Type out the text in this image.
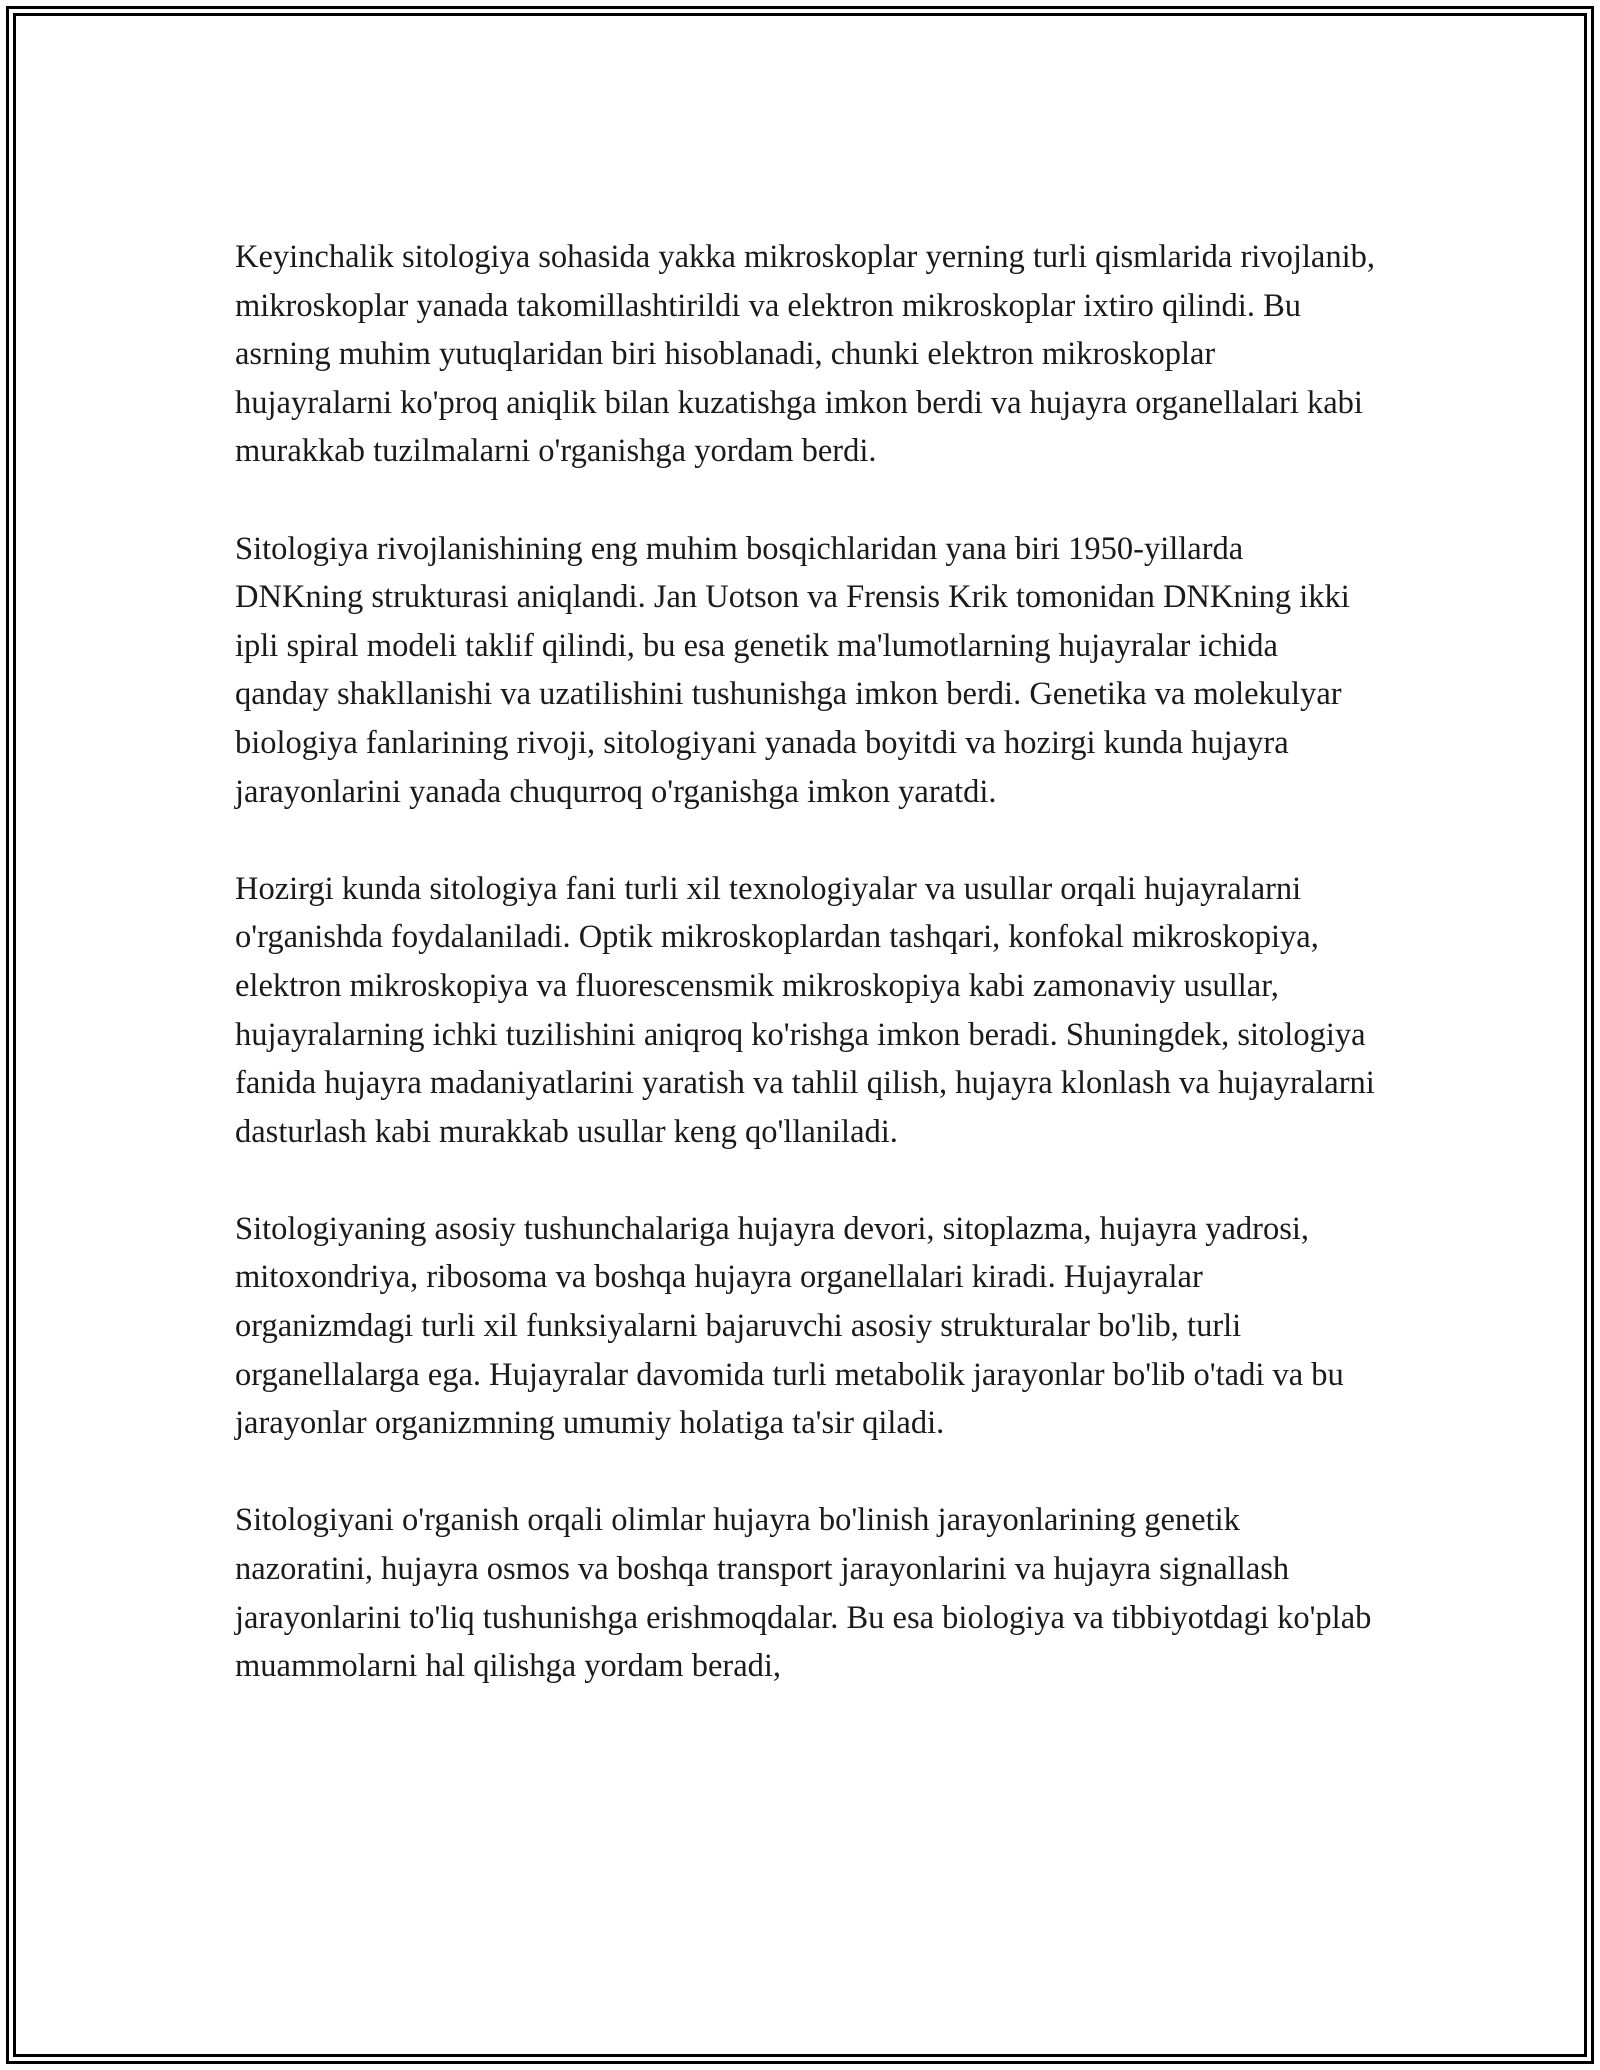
Keyinchalik sitologiya sohasida yakka mikroskoplar yerning turli qismlarida rivojlanib, mikroskoplar yanada takomillashtirildi va elektron mikroskoplar ixtiro qilindi. Bu asrning muhim yutuqlaridan biri hisoblanadi, chunki elektron mikroskoplar hujayralarni ko'proq aniqlik bilan kuzatishga imkon berdi va hujayra organellalari kabi murakkab tuzilmalarni o'rganishga yordam berdi.

Sitologiya rivojlanishining eng muhim bosqichlaridan yana biri 1950-yillarda DNKning strukturasi aniqlandi. Jan Uotson va Frensis Krik tomonidan DNKning ikki ipli spiral modeli taklif qilindi, bu esa genetik ma'lumotlarning hujayralar ichida qanday shakllanishi va uzatilishini tushunishga imkon berdi. Genetika va molekulyar biologiya fanlarining rivoji, sitologiyani yanada boyitdi va hozirgi kunda hujayra jarayonlarini yanada chuqurroq o'rganishga imkon yaratdi.

Hozirgi kunda sitologiya fani turli xil texnologiyalar va usullar orqali hujayralarni o'rganishda foydalaniladi. Optik mikroskoplardan tashqari, konfokal mikroskopiya, elektron mikroskopiya va fluorescensmik mikroskopiya kabi zamonaviy usullar, hujayralarning ichki tuzilishini aniqroq ko'rishga imkon beradi. Shuningdek, sitologiya fanida hujayra madaniyatlarini yaratish va tahlil qilish, hujayra klonlash va hujayralarni dasturlash kabi murakkab usullar keng qo'llaniladi.

Sitologiyaning asosiy tushunchalariga hujayra devori, sitoplazma, hujayra yadrosi, mitoxondriya, ribosoma va boshqa hujayra organellalari kiradi. Hujayralar organizmdagi turli xil funksiyalarni bajaruvchi asosiy strukturalar bo'lib, turli organellalarga ega. Hujayralar davomida turli metabolik jarayonlar bo'lib o'tadi va bu jarayonlar organizmning umumiy holatiga ta'sir qiladi.

Sitologiyani o'rganish orqali olimlar hujayra bo'linish jarayonlarining genetik nazoratini, hujayra osmos va boshqa transport jarayonlarini va hujayra signallash jarayonlarini to'liq tushunishga erishmoqdalar. Bu esa biologiya va tibbiyotdagi ko'plab muammolarni hal qilishga yordam beradi,
